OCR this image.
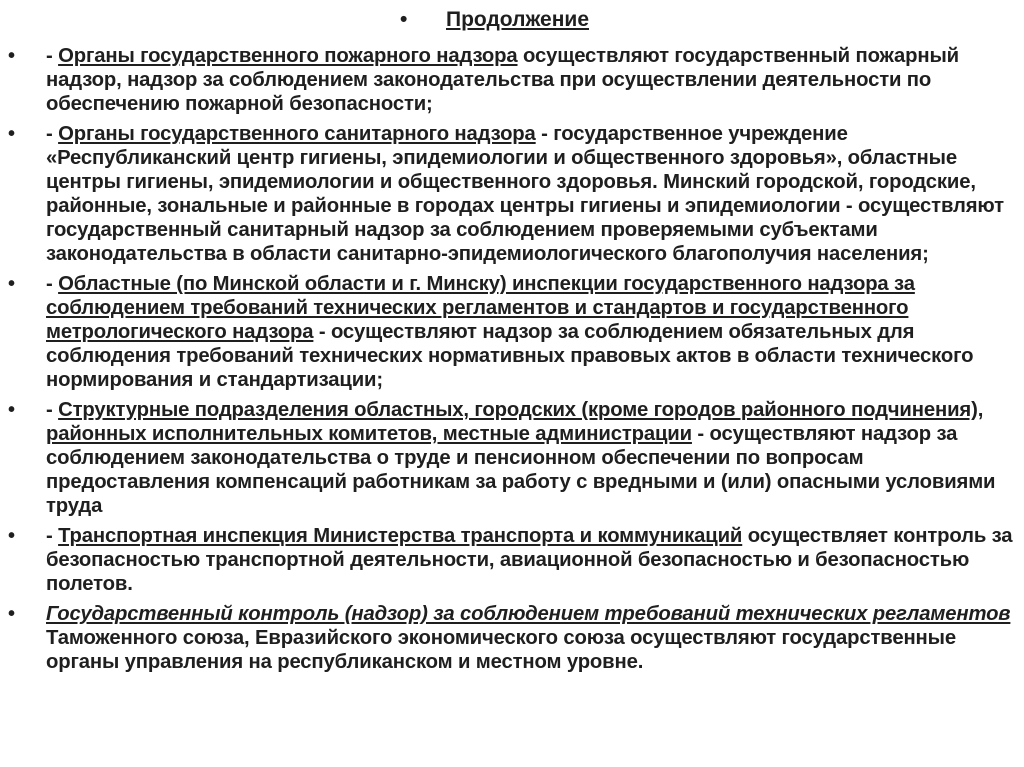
• Продолжение
• - Органы государственного пожарного надзора осуществляют государственный пожарный надзор, надзор за соблюдением законодательства при осуществлении деятельности по обеспечению пожарной безопасности;
• - Органы государственного санитарного надзора - государственное учреждение «Республиканский центр гигиены, эпидемиологии и общественного здоровья», областные центры гигиены, эпидемиологии и общественного здоровья. Минский городской, городские, районные, зональные и районные в городах центры гигиены и эпидемиологии - осуществляют государственный санитарный надзор за соблюдением проверяемыми субъектами законодательства в области санитарно-эпидемиологического благополучия населения;
• - Областные (по Минской области и г. Минску) инспекции государственного надзора за соблюдением требований технических регламентов и стандартов и государственного метрологического надзора - осуществляют надзор за соблюдением обязательных для соблюдения требований технических нормативных правовых актов в области технического нормирования и стандартизации;
• - Структурные подразделения областных, городских (кроме городов районного подчинения), районных исполнительных комитетов, местные администрации - осуществляют надзор за соблюдением законодательства о труде и пенсионном обеспечении по вопросам предоставления компенсаций работникам за работу с вредными и (или) опасными условиями труда
• - Транспортная инспекция Министерства транспорта и коммуникаций осуществляет контроль за безопасностью транспортной деятельности, авиационной безопасностью и безопасностью полетов.
• Государственный контроль (надзор) за соблюдением требований технических регламентов Таможенного союза, Евразийского экономического союза осуществляют государственные органы управления на республиканском и местном уровне.
